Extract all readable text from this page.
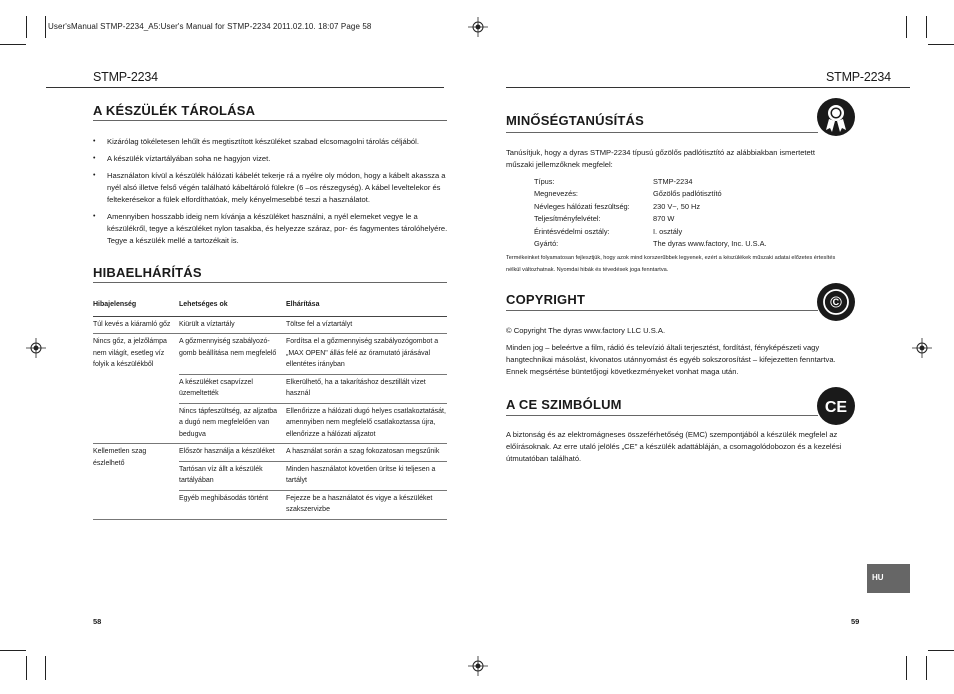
User'sManual STMP-2234_A5:User's Manual for STMP-2234 2011.02.10. 18:07 Page 58
STMP-2234
A KÉSZÜLÉK TÁROLÁSA
• Kizárólag tökéletesen lehűlt és megtisztított készüléket szabad elcsomagolni tárolás céljából.
• A készülék víztartályában soha ne hagyjon vizet.
• Használaton kívül a készülék hálózati kábelét tekerje rá a nyélre oly módon, hogy a kábelt akassza a nyél alsó illetve felső végén található kábeltároló fülekre (6 –os részegység). A kábel leveltelekor és feltekerésekor a fülek elfordíthatóak, mely kényelmesebbé teszi a használatot.
• Amennyiben hosszabb ideig nem kívánja a készüléket használni, a nyél elemeket vegye le a készülékről, tegye a készüléket nylon tasakba, és helyezze száraz, por- és fagymentes tárolóhelyére. Tegye a készülék mellé a tartozékait is.
HIBAELHÁRÍTÁS
Hibajelenség	Lehetséges ok	Elhárítása
Túl kevés a kiáramló gőz	Kiürült a víztartály	Töltse fel a víztartályt
Nincs gőz, a jelzőlámpa nem világít, esetleg víz folyik a készülékből	A gőzmennyiség szabályozó-gomb beállítása nem megfelelő	Fordítsa el a gőzmennyiség szabályozógombot a „MAX OPEN" állás felé az óramutató járásával ellentétes irányban
	A készüléket csapvízzel üzemeltették	Elkerülhető, ha a takarításhoz desztillált vizet használ
	Nincs tápfeszültség, az aljzatba a dugó nem megfelelően van bedugva	Ellenőrizze a hálózati dugó helyes csatlakoztatását, amennyiben nem megfelelő csatlakoztassa újra, ellenőrizze a hálózati aljzatot
Kellemetlen szag észlelhető	Először használja a készüléket	A használat során a szag fokozatosan megszűnik
	Tartósan víz állt a készülék tartályában	Minden használatot követően ürítse ki teljesen a tartályt
	Egyéb meghibásodás történt	Fejezze be a használatot és vigye a készüléket szakszervizbe
58
STMP-2234
MINŐSÉGTANÚSÍTÁS
Tanúsítjuk, hogy a dyras STMP-2234 típusú gőzölős padlótisztító az alábbiakban ismertetett műszaki jellemzőknek megfelel:
Típus:	STMP-2234
Megnevezés:	Gőzölős padlótisztító
Névleges hálózati feszültség:	230 V~, 50 Hz
Teljesítményfelvétel:	870 W
Érintésvédelmi osztály:	I. osztály
Gyártó:	The dyras www.factory, Inc. U.S.A.
Termékeinket folyamatosan fejlesztjük, hogy azok mind korszerűbbek legyenek, ezért a készülékek műszaki adatai előzetes értesítés nélkül változhatnak. Nyomdai hibák és tévedések joga fenntartva.
COPYRIGHT	©
© Copyright The dyras www.factory LLC U.S.A.
Minden jog – beleértve a film, rádió és televízió általi terjesztést, fordítást, fényképészeti vagy hangtechnikai másolást, kivonatos utánnyomást és egyéb sokszorosítást – kifejezetten fenntartva. Ennek megsértése büntetőjogi következményeket vonhat maga után.
A CE SZIMBÓLUM	CE
A biztonság és az elektromágneses összeférhetőség (EMC) szempontjából a készülék megfelel az előírásoknak. Az erre utaló jelölés „CE" a készülék adattábláján, a csomagolódobozon és a kezelési útmutatóban található.
HU
59
